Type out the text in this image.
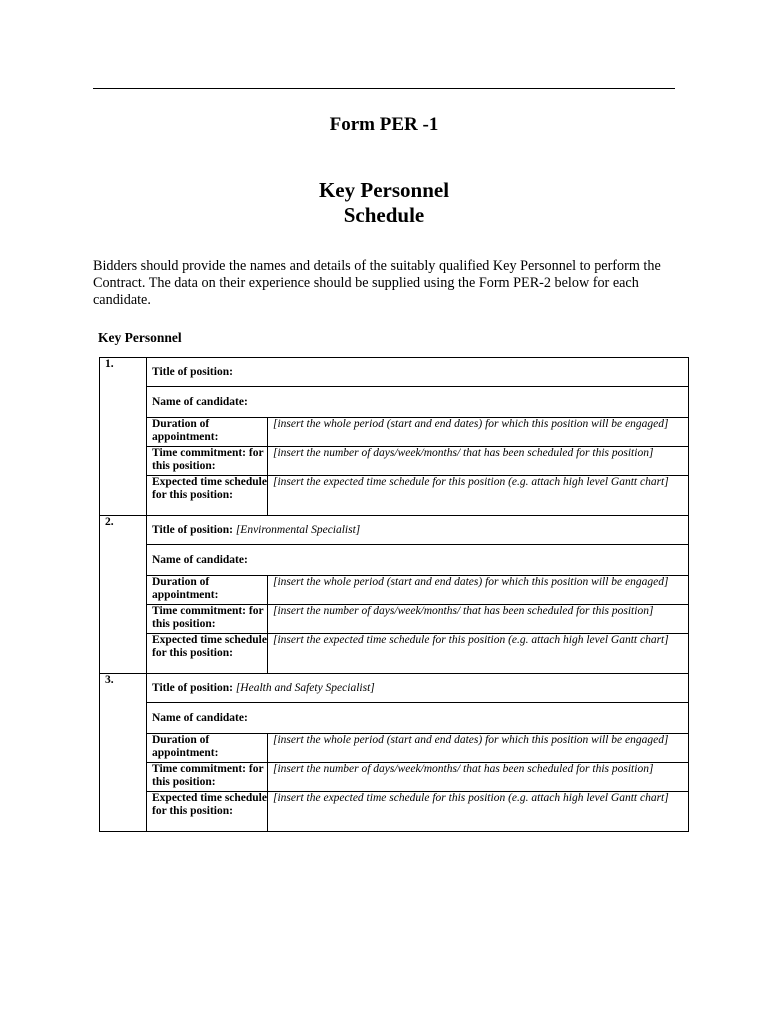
Form PER -1
Key Personnel
Schedule

Bidders should provide the names and details of the suitably qualified Key Personnel to perform the Contract. The data on their experience should be supplied using the Form PER-2 below for each candidate.

Key Personnel
1.	Title of position:	
	Name of candidate:	
	Duration of appointment:	[insert the whole period (start and end dates) for which this position will be engaged]
	Time commitment: for this position:	[insert the number of days/week/months/ that has been scheduled for this position]
	Expected time schedule for this position:	[insert the expected time schedule for this position (e.g. attach high level Gantt chart]
2.	Title of position: [Environmental Specialist]	
	Name of candidate:	
	Duration of appointment:	[insert the whole period (start and end dates) for which this position will be engaged]
	Time commitment: for this position:	[insert the number of days/week/months/ that has been scheduled for this position]
	Expected time schedule for this position:	[insert the expected time schedule for this position (e.g. attach high level Gantt chart]
3.	Title of position: [Health and Safety Specialist]	
	Name of candidate:	
	Duration of appointment:	[insert the whole period (start and end dates) for which this position will be engaged]
	Time commitment: for this position:	[insert the number of days/week/months/ that has been scheduled for this position]
	Expected time schedule for this position:	[insert the expected time schedule for this position (e.g. attach high level Gantt chart]
